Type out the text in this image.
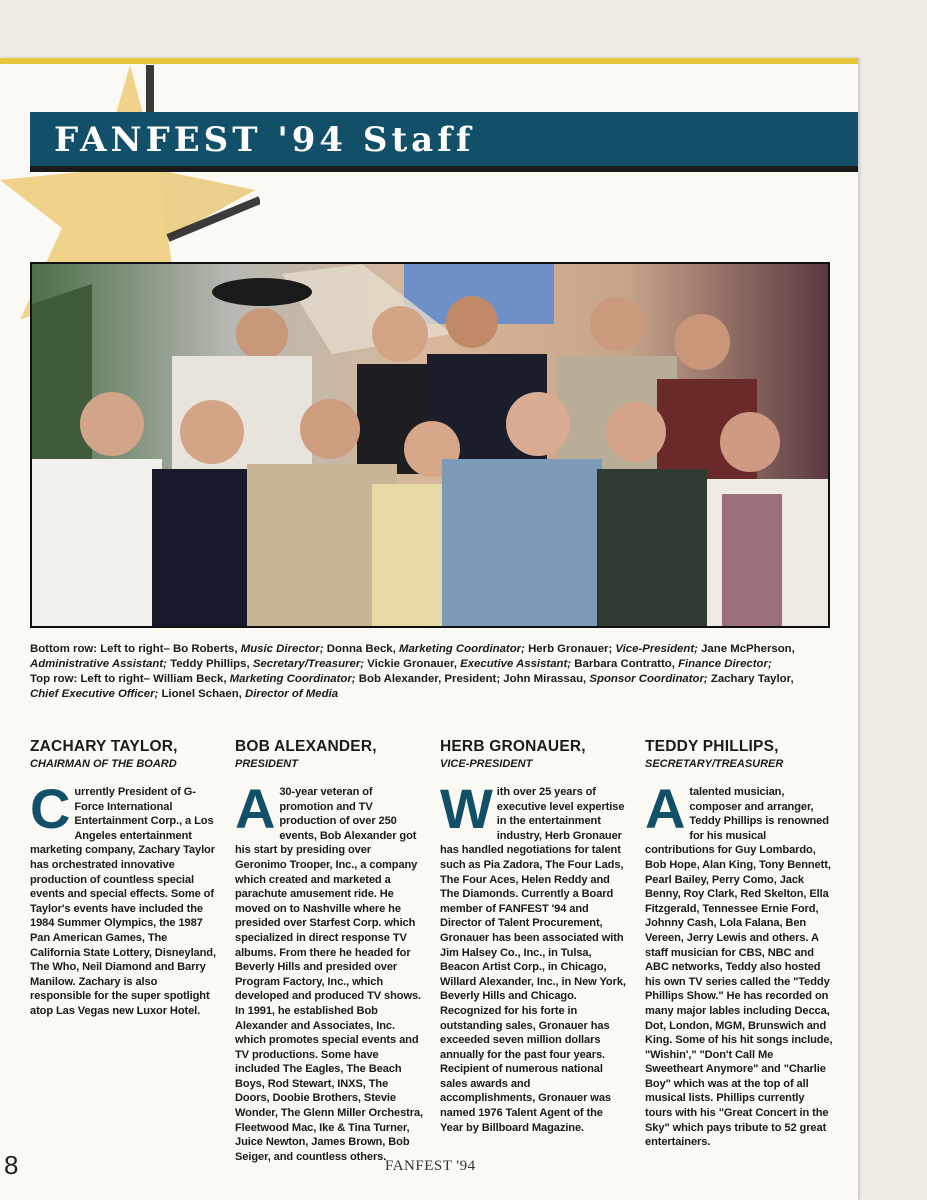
FANFEST '94 Staff
Bottom row: Left to right– Bo Roberts, Music Director; Donna Beck, Marketing Coordinator; Herb Gronauer; Vice-President; Jane McPherson,
Administrative Assistant; Teddy Phillips, Secretary/Treasurer; Vickie Gronauer, Executive Assistant; Barbara Contratto, Finance Director;
Top row: Left to right– William Beck, Marketing Coordinator; Bob Alexander, President; John Mirassau, Sponsor Coordinator; Zachary Taylor,
Chief Executive Officer; Lionel Schaen, Director of Media
ZACHARY TAYLOR,
CHAIRMAN OF THE BOARD
Currently President of G-Force International Entertainment Corp., a Los Angeles entertainment marketing company, Zachary Taylor has orchestrated innovative production of countless special events and special effects. Some of Taylor's events have included the 1984 Summer Olympics, the 1987 Pan American Games, The California State Lottery, Disneyland, The Who, Neil Diamond and Barry Manilow. Zachary is also responsible for the super spotlight atop Las Vegas new Luxor Hotel.
BOB ALEXANDER,
PRESIDENT
A 30-year veteran of promotion and TV production of over 250 events, Bob Alexander got his start by presiding over Geronimo Trooper, Inc., a company which created and marketed a parachute amusement ride. He moved on to Nashville where he presided over Starfest Corp. which specialized in direct response TV albums. From there he headed for Beverly Hills and presided over Program Factory, Inc., which developed and produced TV shows. In 1991, he established Bob Alexander and Associates, Inc. which promotes special events and TV productions. Some have included The Eagles, The Beach Boys, Rod Stewart, INXS, The Doors, Doobie Brothers, Stevie Wonder, The Glenn Miller Orchestra, Fleetwood Mac, Ike & Tina Turner, Juice Newton, James Brown, Bob Seiger, and countless others.
HERB GRONAUER,
VICE-PRESIDENT
With over 25 years of executive level expertise in the entertainment industry, Herb Gronauer has handled negotiations for talent such as Pia Zadora, The Four Lads, The Four Aces, Helen Reddy and The Diamonds. Currently a Board member of FANFEST '94 and Director of Talent Procurement, Gronauer has been associated with Jim Halsey Co., Inc., in Tulsa, Beacon Artist Corp., in Chicago, Willard Alexander, Inc., in New York, Beverly Hills and Chicago. Recognized for his forte in outstanding sales, Gronauer has exceeded seven million dollars annually for the past four years. Recipient of numerous national sales awards and accomplishments, Gronauer was named 1976 Talent Agent of the Year by Billboard Magazine.
TEDDY PHILLIPS,
SECRETARY/TREASURER
A talented musician, composer and arranger, Teddy Phillips is renowned for his musical contributions for Guy Lombardo, Bob Hope, Alan King, Tony Bennett, Pearl Bailey, Perry Como, Jack Benny, Roy Clark, Red Skelton, Ella Fitzgerald, Tennessee Ernie Ford, Johnny Cash, Lola Falana, Ben Vereen, Jerry Lewis and others. A staff musician for CBS, NBC and ABC networks, Teddy also hosted his own TV series called the "Teddy Phillips Show." He has recorded on many major lables including Decca, Dot, London, MGM, Brunswich and King. Some of his hit songs include, "Wishin'," "Don't Call Me Sweetheart Anymore" and "Charlie Boy" which was at the top of all musical lists. Phillips currently tours with his "Great Concert in the Sky" which pays tribute to 52 great entertainers.
8	FANFEST '94
